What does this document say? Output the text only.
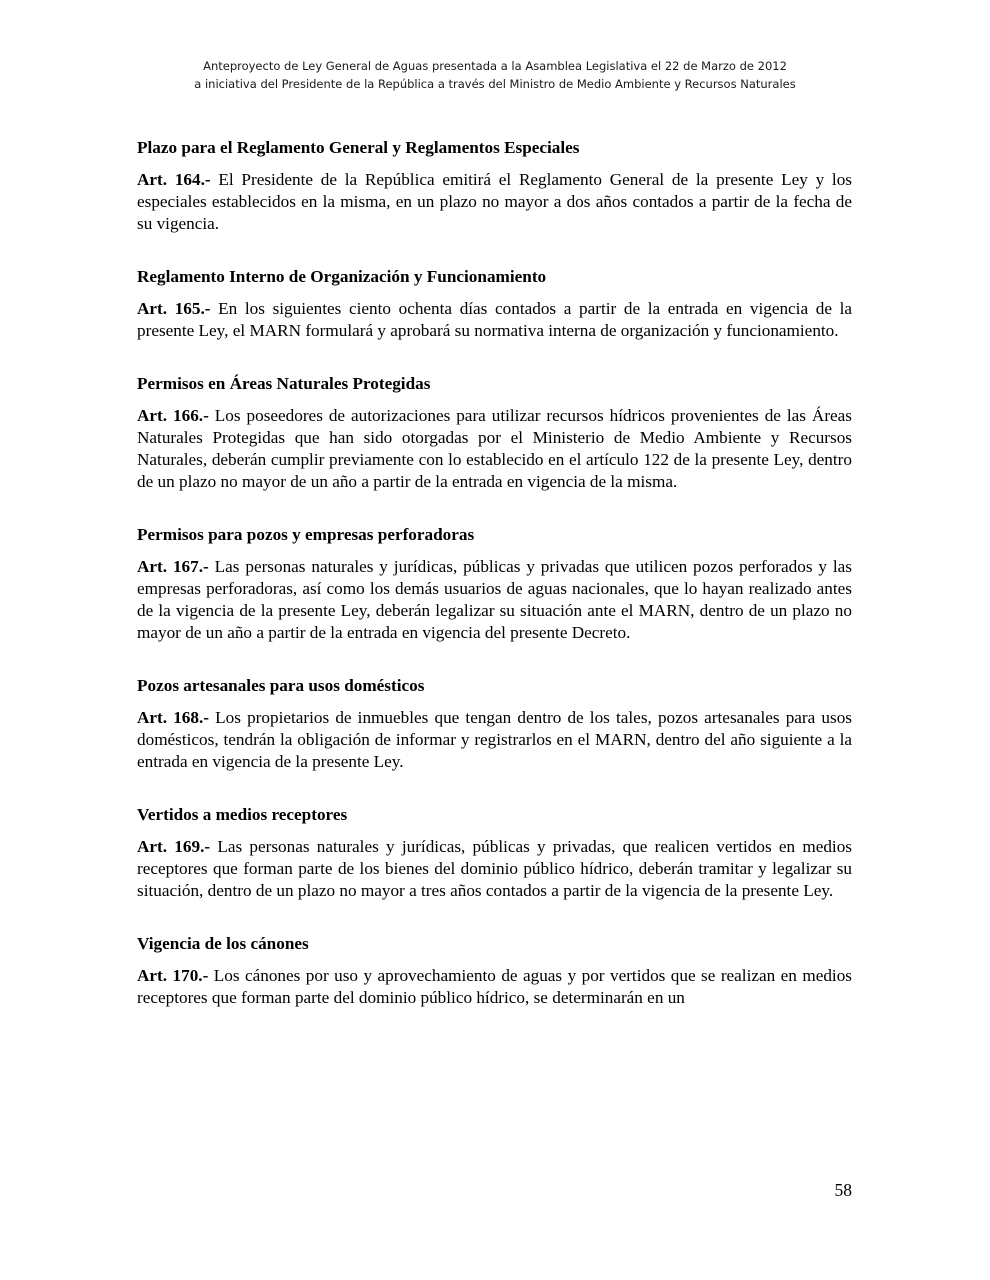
Anteproyecto de Ley General de Aguas presentada a la Asamblea Legislativa el 22 de Marzo de 2012
a iniciativa del Presidente de la República a través del Ministro de Medio Ambiente y Recursos Naturales
Plazo para el Reglamento General y Reglamentos Especiales

Art. 164.- El Presidente de la República emitirá el Reglamento General de la presente Ley y los especiales establecidos en la misma, en un plazo no mayor a dos años contados a partir de la fecha de su vigencia.

Reglamento Interno de Organización y Funcionamiento

Art. 165.- En los siguientes ciento ochenta días contados a partir de la entrada en vigencia de la presente Ley, el MARN formulará y aprobará su normativa interna de organización y funcionamiento.

Permisos en Áreas Naturales Protegidas

Art. 166.- Los poseedores de autorizaciones para utilizar recursos hídricos provenientes de las Áreas Naturales Protegidas que han sido otorgadas por el Ministerio de Medio Ambiente y Recursos Naturales, deberán cumplir previamente con lo establecido en el artículo 122 de la presente Ley, dentro de un plazo no mayor de un año a partir de la entrada en vigencia de la misma.

Permisos para pozos y empresas perforadoras

Art. 167.- Las personas naturales y jurídicas, públicas y privadas que utilicen pozos perforados y las empresas perforadoras, así como los demás usuarios de aguas nacionales, que lo hayan realizado antes de la vigencia de la presente Ley, deberán legalizar su situación ante el MARN, dentro de un plazo no mayor de un año a partir de la entrada en vigencia del presente Decreto.

Pozos artesanales para usos domésticos

Art. 168.- Los propietarios de inmuebles que tengan dentro de los tales, pozos artesanales para usos domésticos, tendrán la obligación de informar y registrarlos en el MARN, dentro del año siguiente a la entrada en vigencia de la presente Ley.

Vertidos a medios receptores

Art. 169.- Las personas naturales y jurídicas, públicas y privadas, que realicen vertidos en medios receptores que forman parte de los bienes del dominio público hídrico, deberán tramitar y legalizar su situación, dentro de un plazo no mayor a tres años contados a partir de la vigencia de la presente Ley.

Vigencia de los cánones

Art. 170.- Los cánones por uso y aprovechamiento de aguas y por vertidos que se realizan en medios receptores que forman parte del dominio público hídrico, se determinarán en un

58
